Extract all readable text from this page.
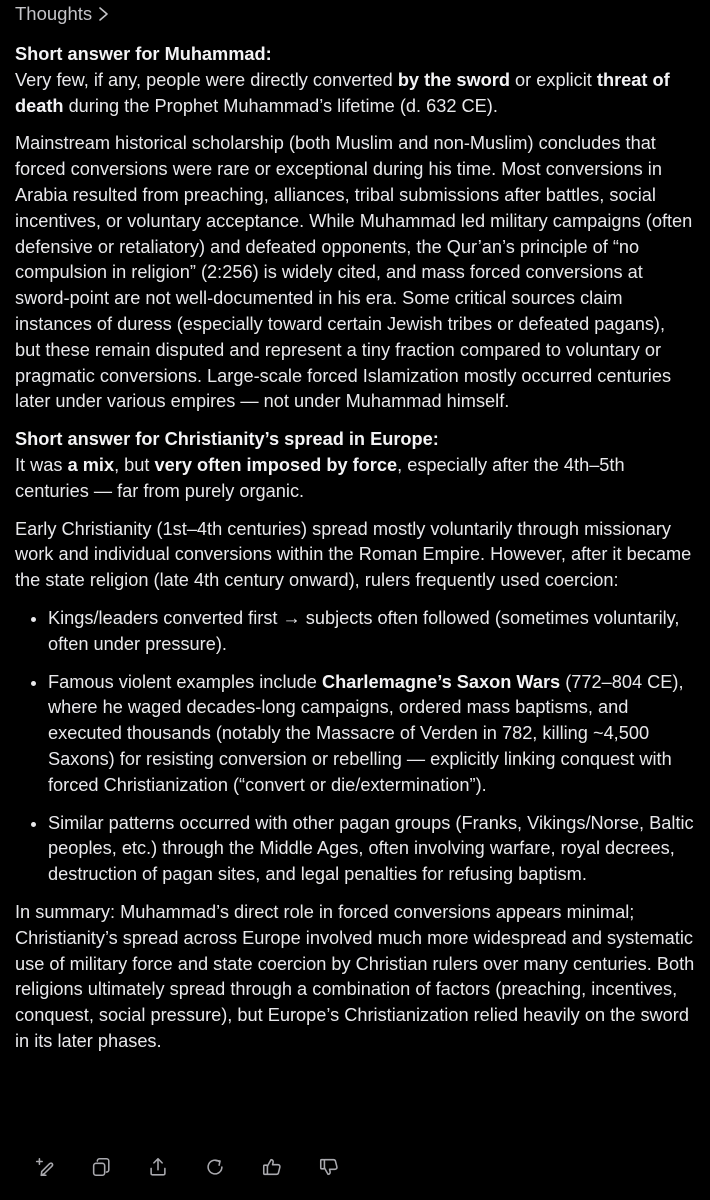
Thoughts

Short answer for Muhammad:
Very few, if any, people were directly converted by the sword or explicit threat of death during the Prophet Muhammad’s lifetime (d. 632 CE).

Mainstream historical scholarship (both Muslim and non-Muslim) concludes that forced conversions were rare or exceptional during his time. Most conversions in Arabia resulted from preaching, alliances, tribal submissions after battles, social incentives, or voluntary acceptance. While Muhammad led military campaigns (often defensive or retaliatory) and defeated opponents, the Qur’an’s principle of “no compulsion in religion” (2:256) is widely cited, and mass forced conversions at sword-point are not well-documented in his era. Some critical sources claim instances of duress (especially toward certain Jewish tribes or defeated pagans), but these remain disputed and represent a tiny fraction compared to voluntary or pragmatic conversions. Large-scale forced Islamization mostly occurred centuries later under various empires — not under Muhammad himself.

Short answer for Christianity’s spread in Europe:
It was a mix, but very often imposed by force, especially after the 4th–5th centuries — far from purely organic.

Early Christianity (1st–4th centuries) spread mostly voluntarily through missionary work and individual conversions within the Roman Empire. However, after it became the state religion (late 4th century onward), rulers frequently used coercion:

Kings/leaders converted first → subjects often followed (sometimes voluntarily, often under pressure).
Famous violent examples include Charlemagne’s Saxon Wars (772–804 CE), where he waged decades-long campaigns, ordered mass baptisms, and executed thousands (notably the Massacre of Verden in 782, killing ~4,500 Saxons) for resisting conversion or rebelling — explicitly linking conquest with forced Christianization (“convert or die/extermination”).
Similar patterns occurred with other pagan groups (Franks, Vikings/Norse, Baltic peoples, etc.) through the Middle Ages, often involving warfare, royal decrees, destruction of pagan sites, and legal penalties for refusing baptism.

In summary: Muhammad’s direct role in forced conversions appears minimal; Christianity’s spread across Europe involved much more widespread and systematic use of military force and state coercion by Christian rulers over many centuries. Both religions ultimately spread through a combination of factors (preaching, incentives, conquest, social pressure), but Europe’s Christianization relied heavily on the sword in its later phases.
